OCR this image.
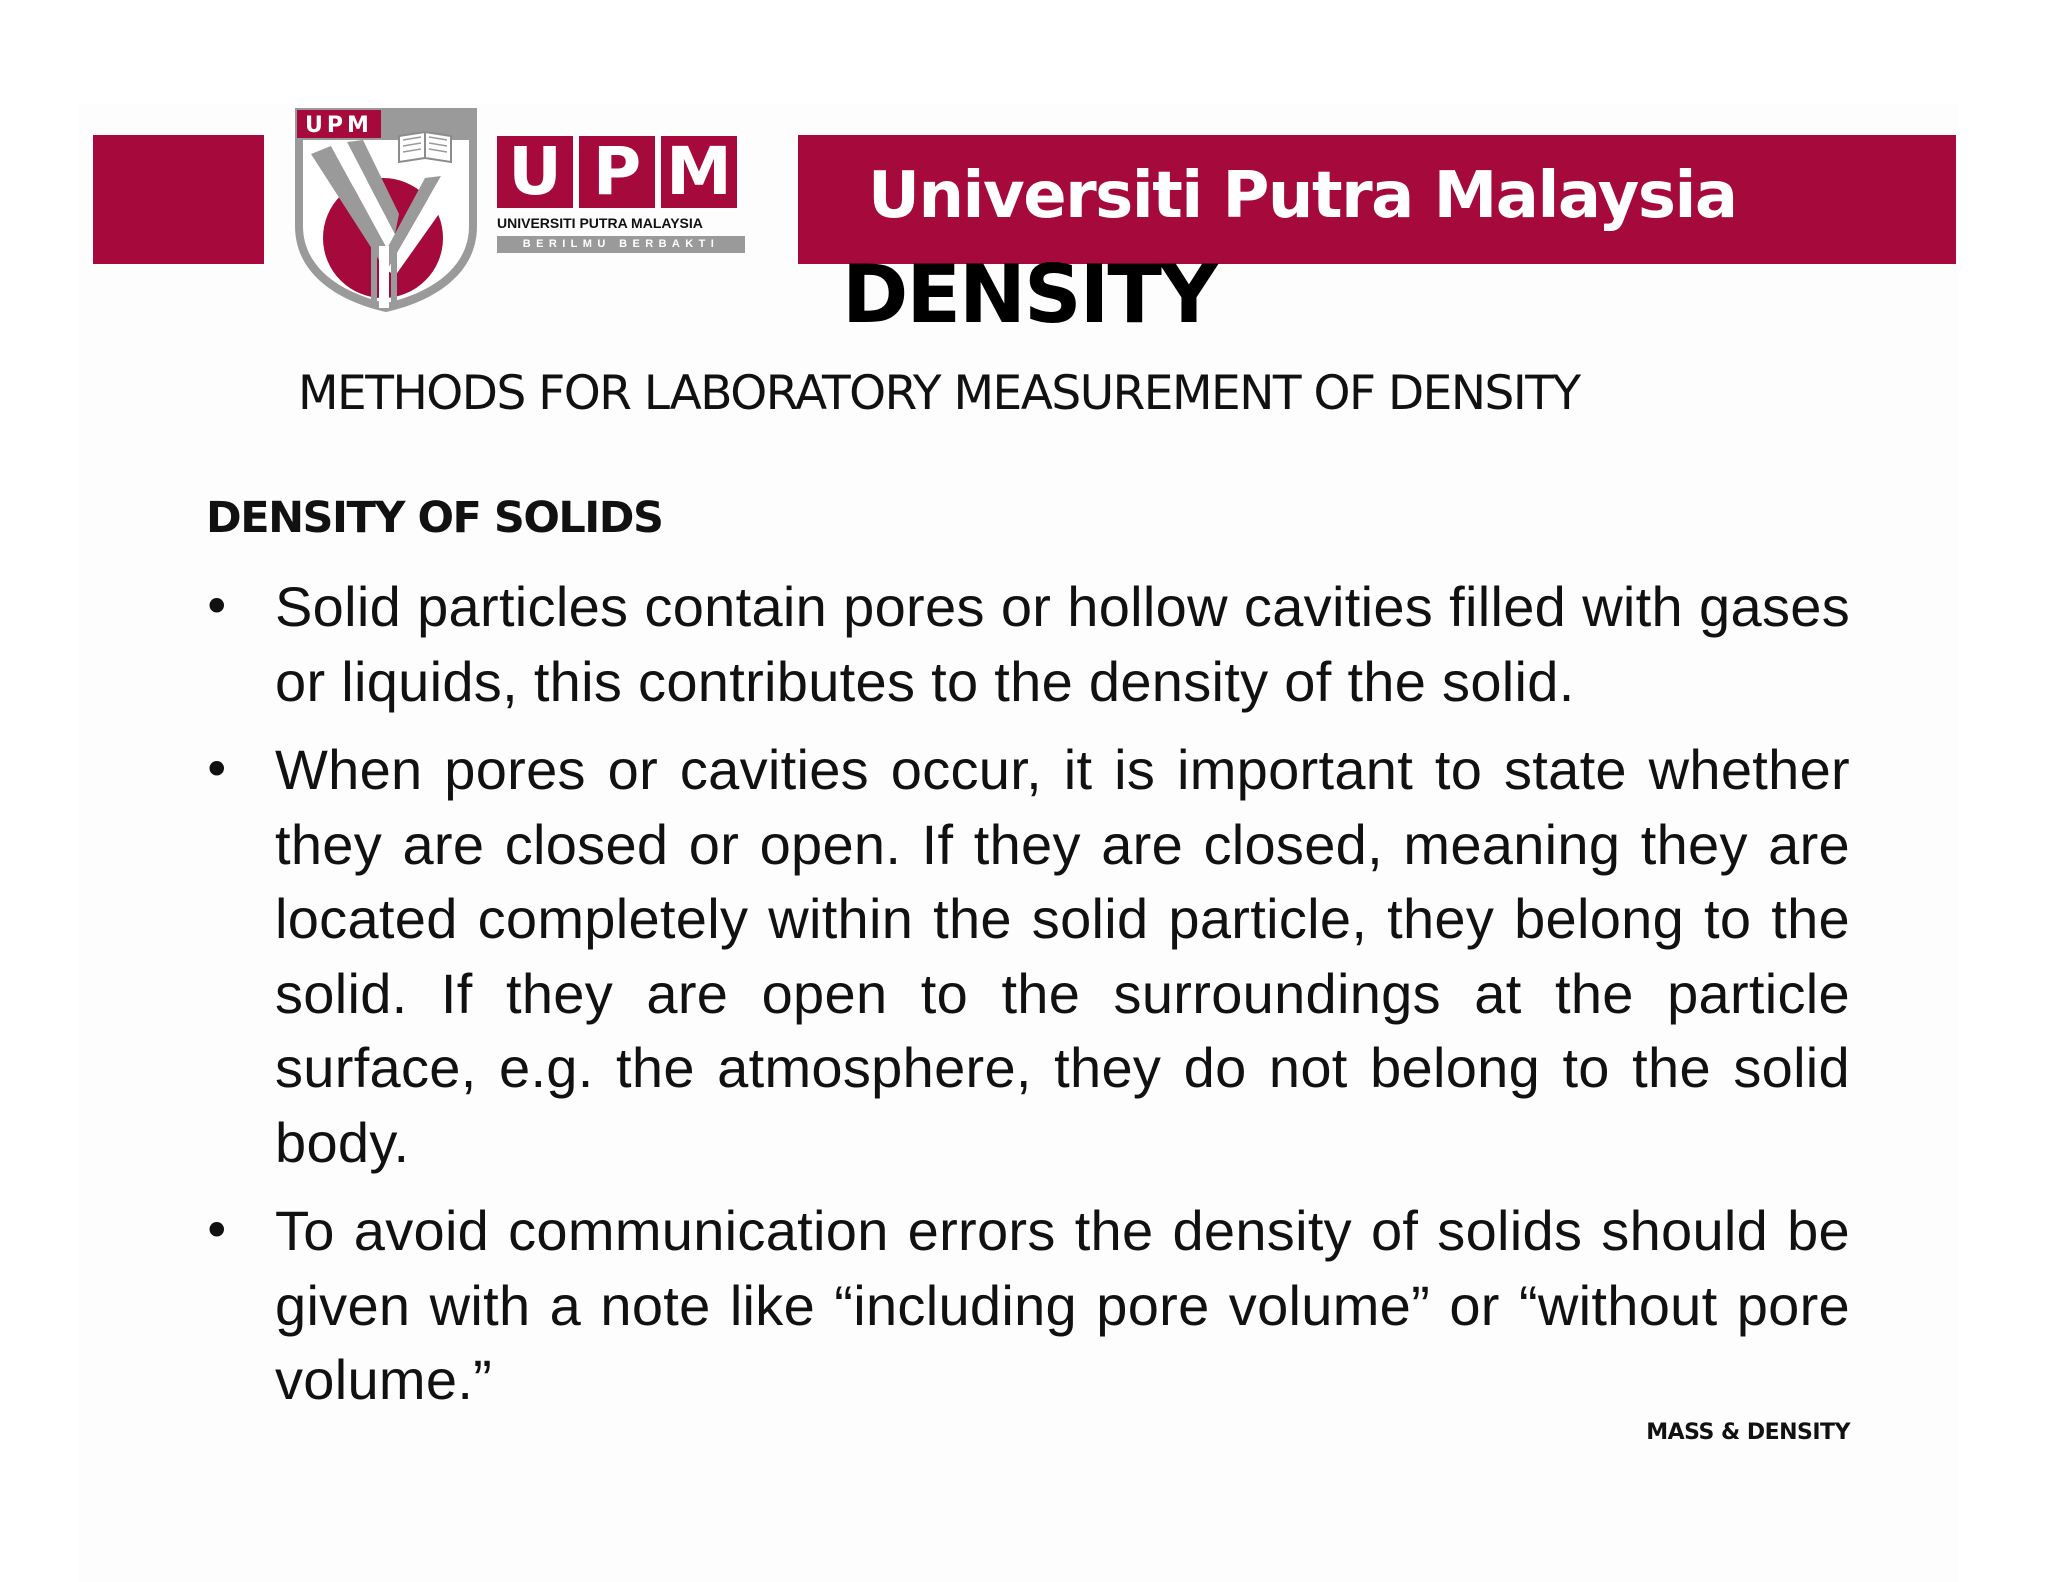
Universiti Putra Malaysia
UPM
U P M
UNIVERSITI PUTRA MALAYSIA
BERILMU BERBAKTI
DENSITY
METHODS FOR LABORATORY MEASUREMENT OF DENSITY
DENSITY OF SOLIDS
• Solid particles contain pores or hollow cavities filled with gases or liquids, this contributes to the density of the solid.
• When pores or cavities occur, it is important to state whether they are closed or open. If they are closed, meaning they are located completely within the solid particle, they belong to the solid. If they are open to the surroundings at the particle surface, e.g. the atmosphere, they do not belong to the solid body.
• To avoid communication errors the density of solids should be given with a note like “including pore volume” or “without pore volume.”
MASS & DENSITY
